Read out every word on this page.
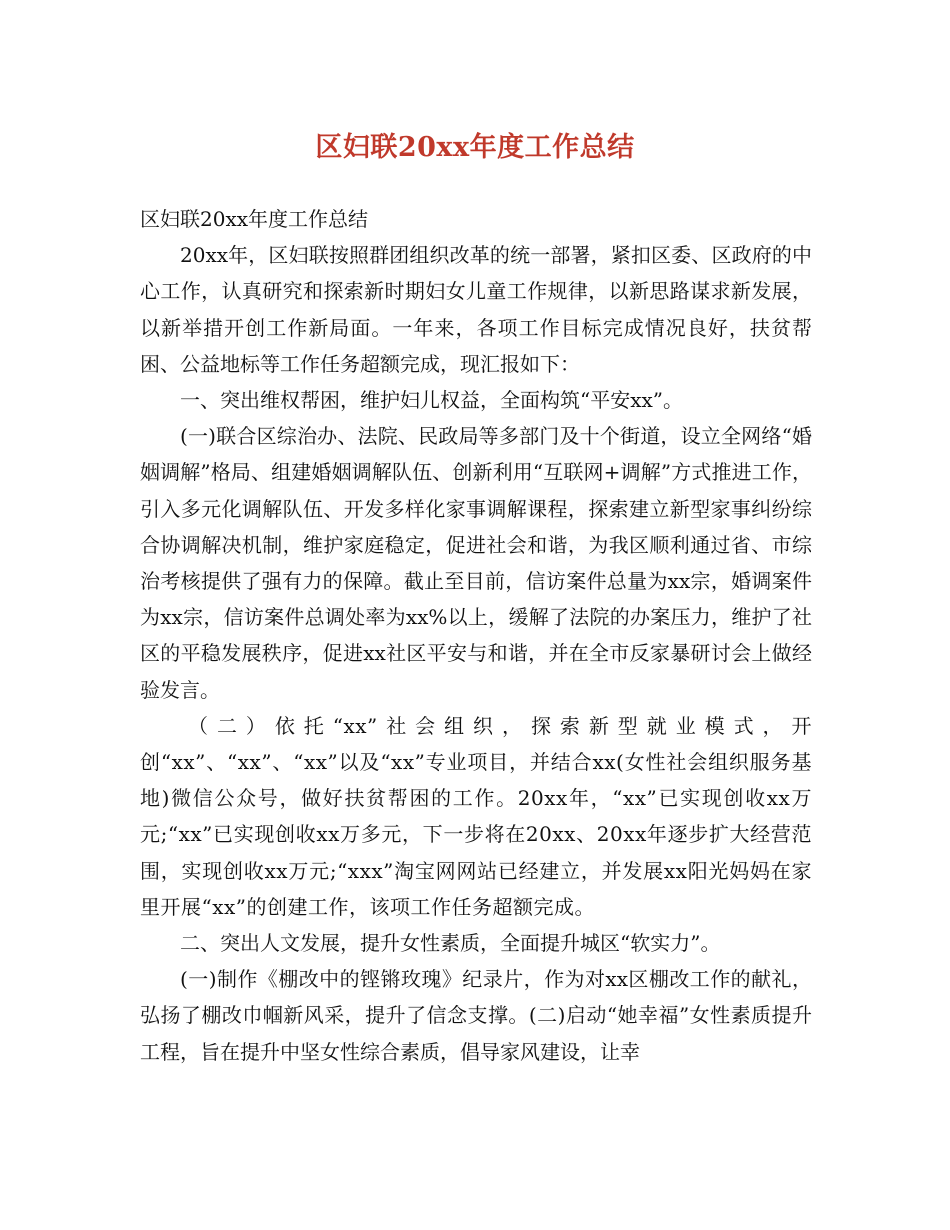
区妇联20xx年度工作总结

区妇联20xx年度工作总结

20xx年，区妇联按照群团组织改革的统一部署，紧扣区委、区政府的中心工作，认真研究和探索新时期妇女儿童工作规律，以新思路谋求新发展，以新举措开创工作新局面。一年来，各项工作目标完成情况良好，扶贫帮困、公益地标等工作任务超额完成，现汇报如下：

一、突出维权帮困，维护妇儿权益，全面构筑“平安xx”。

(一)联合区综治办、法院、民政局等多部门及十个街道，设立全网络“婚姻调解”格局、组建婚姻调解队伍、创新利用“互联网+调解”方式推进工作，引入多元化调解队伍、开发多样化家事调解课程，探索建立新型家事纠纷综合协调解决机制，维护家庭稳定，促进社会和谐，为我区顺利通过省、市综治考核提供了强有力的保障。截止至目前，信访案件总量为xx宗，婚调案件为xx宗，信访案件总调处率为xx%以上，缓解了法院的办案压力，维护了社区的平稳发展秩序，促进xx社区平安与和谐，并在全市反家暴研讨会上做经验发言。

（二）依托“xx”社会组织，探索新型就业模式，开创“xx”、“xx”、“xx”以及“xx”专业项目，并结合xx(女性社会组织服务基地)微信公众号，做好扶贫帮困的工作。20xx年，“xx”已实现创收xx万元;“xx”已实现创收xx万多元，下一步将在20xx、20xx年逐步扩大经营范围，实现创收xx万元;“xxx”淘宝网网站已经建立，并发展xx阳光妈妈在家里开展“xx”的创建工作，该项工作任务超额完成。

二、突出人文发展，提升女性素质，全面提升城区“软实力”。

(一)制作《棚改中的铿锵玫瑰》纪录片，作为对xx区棚改工作的献礼，弘扬了棚改巾帼新风采，提升了信念支撑。(二)启动“她幸福”女性素质提升工程，旨在提升中坚女性综合素质，倡导家风建设，让幸
